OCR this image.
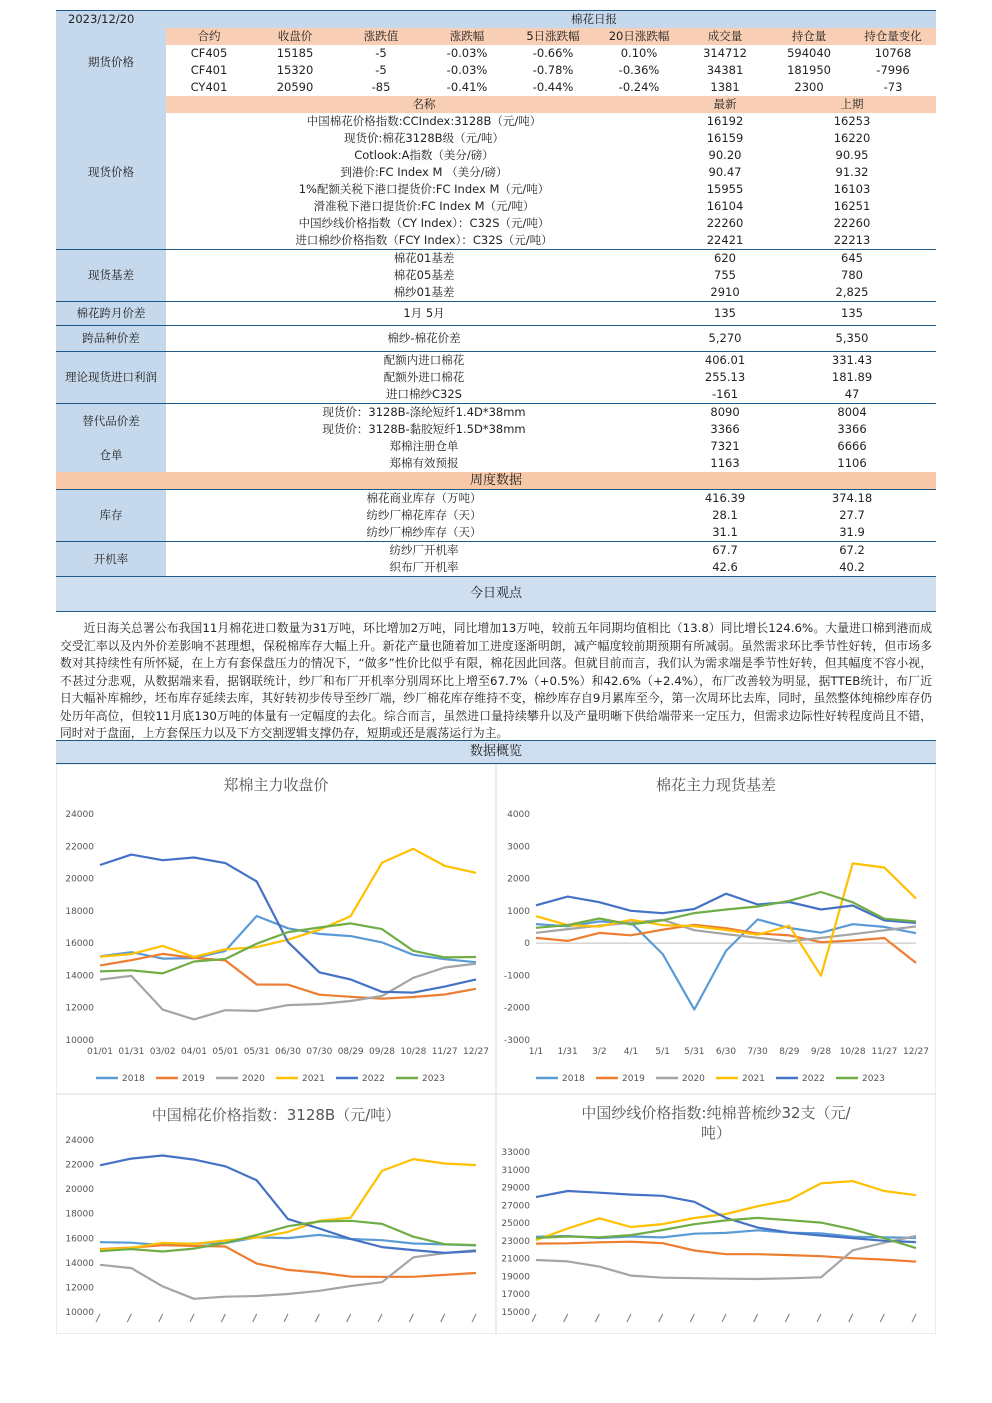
2023/12/20		棉花日报								
期货价格	合约	收盘价	涨跌值	涨跌幅	5日涨跌幅	20日涨跌幅	成交量	持仓量	持仓量变化	
	CF405	15185	-5	-0.03%	-0.66%	0.10%	314712	594040	10768	
	CF401	15320	-5	-0.03%	-0.78%	-0.36%	34381	181950	-7996	
	CY401	20590	-85	-0.41%	-0.44%	-0.24%	1381	2300	-73	
现货价格	名称						最新	上期	
	中国棉花价格指数:CCIndex:3128B（元/吨）						16192	16253	
	现货价:棉花3128B级（元/吨）						16159	16220	
	Cotlook:A指数（美分/磅）						90.20	90.95	
	到港价:FC Index M （美分/磅）						90.47	91.32	
	1%配额关税下港口提货价:FC Index M（元/吨）						15955	16103	
	滑准税下港口提货价:FC Index M（元/吨）						16104	16251	
	中国纱线价格指数（CY Index）：C32S（元/吨）						22260	22260	
	进口棉纱价格指数（FCY Index）：C32S（元/吨）						22421	22213	
现货基差	棉花01基差						620	645	
	棉花05基差						755	780	
	棉纱01基差						2910	2,825	
棉花跨月价差	1月 5月						135	135	
跨品种价差	棉纱-棉花价差						5,270	5,350	
理论现货进口利润	配额内进口棉花						406.01	331.43	
	配额外进口棉花						255.13	181.89	
	进口棉纱C32S						-161	47	
替代品价差	现货价：3128B-涤纶短纤1.4D*38mm						8090	8004	
	现货价：3128B-黏胶短纤1.5D*38mm						3366	3366	
仓单	郑棉注册仓单						7321	6666	
	郑棉有效预报						1163	1106	
周度数据										
库存	棉花商业库存（万吨）						416.39	374.18	
	纺纱厂棉花库存（天）						28.1	27.7	
	纺纱厂棉纱库存（天）						31.1	31.9	
开机率	纺纱厂开机率						67.7	67.2	
	织布厂开机率						42.6	40.2	
今日观点
近日海关总署公布我国11月棉花进口数量为31万吨，环比增加2万吨，同比增加13万吨，较前五年同期均值相比（13.8）同比增长124.6%。大量进口棉到港而成交受汇率以及内外价差影响不甚理想，保税棉库存大幅上升。新花产量也随着加工进度逐渐明朗，减产幅度较前期预期有所减弱。虽然需求环比季节性好转，但市场多数对其持续性有所怀疑，在上方有套保盘压力的情况下，“做多”性价比似乎有限，棉花因此回落。但就目前而言，我们认为需求端是季节性好转，但其幅度不容小视，不甚过分悲观，从数据端来看，据钢联统计，纱厂和布厂开机率分别周环比上增至67.7%（+0.5%）和42.6%（+2.4%），布厂改善较为明显，据TTEB统计，布厂近日大幅补库棉纱，坯布库存延续去库，其好转初步传导至纱厂端，纱厂棉花库存维持不变，棉纱库存自9月累库至今，第一次周环比去库，同时，虽然整体纯棉纱库存仍处历年高位，但较11月底130万吨的体量有一定幅度的去化。综合而言，虽然进口量持续攀升以及产量明晰下供给端带来一定压力，但需求边际性好转程度尚且不错，同时对于盘面，上方套保压力以及下方交割逻辑支撑仍存，短期或还是震荡运行为主。
数据概览
郑棉主力收盘价
24000
22000
20000
18000
16000
14000
12000
10000
01/01 01/31 03/02 04/01 05/01 05/31 06/30 07/30 08/29 09/28 10/28 11/27 12/27
2018	2019	2020	2021	2022	2023
棉花主力现货基差
4000
3000
2000
1000
0
-1000
-2000
-3000
1/1 1/31 3/2 4/1 5/1 5/31 6/30 7/30 8/29 9/28 10/28 11/27 12/27
2018	2019	2020	2021	2022	2023
中国棉花价格指数：3128B（元/吨）
24000
22000
20000
18000
16000
14000
12000
10000
中国纱线价格指数:纯棉普梳纱32支（元/
吨）
33000
31000
29000
27000
25000
23000
21000
19000
17000
15000
